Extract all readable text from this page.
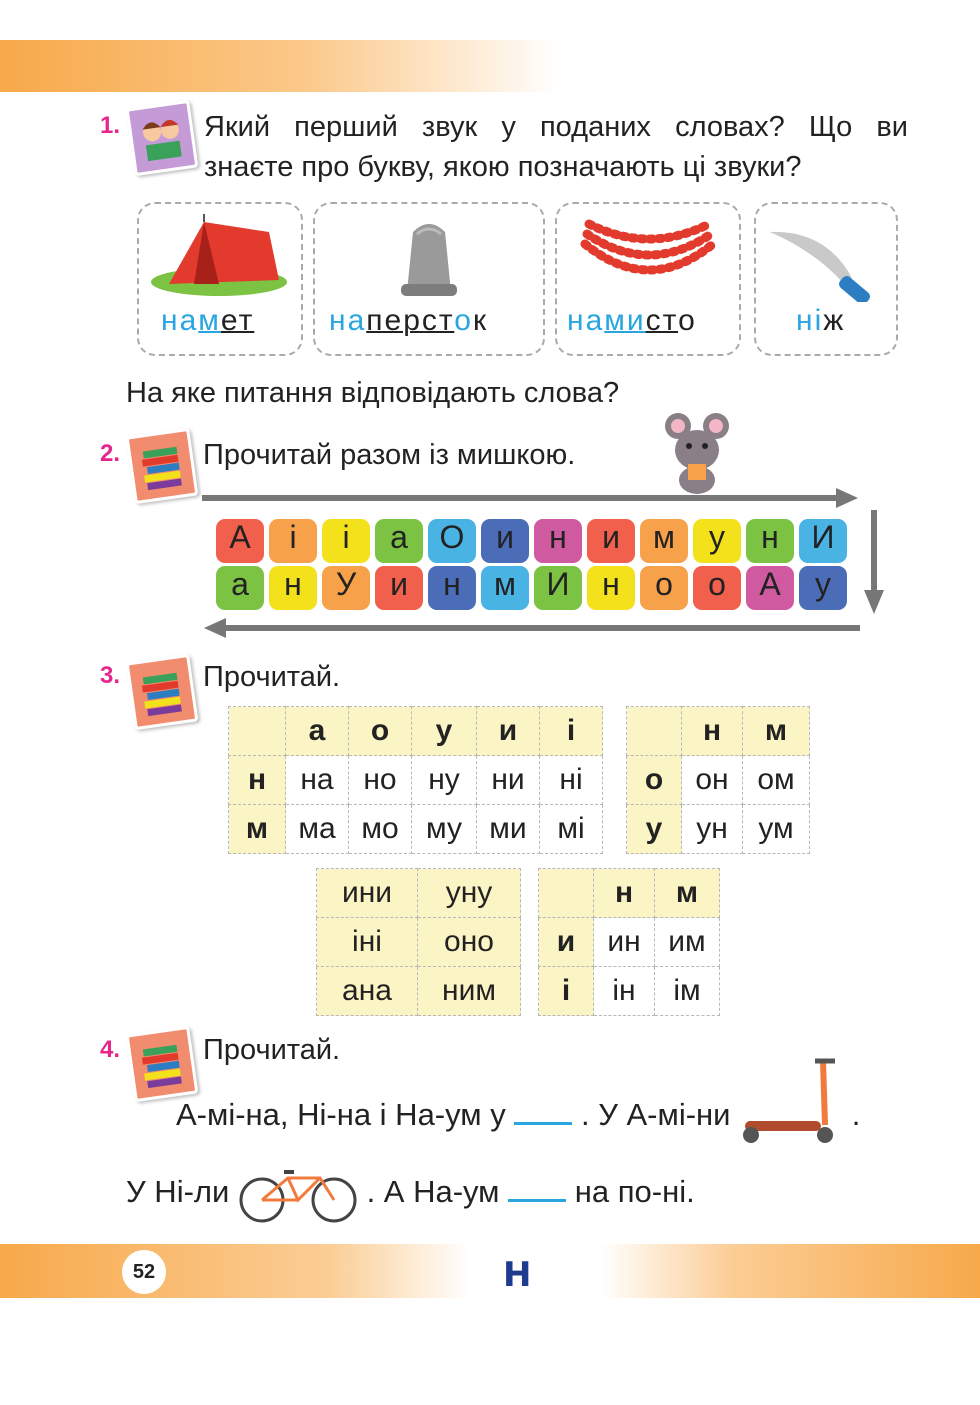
52	Н
1.	Який перший звук у поданих словах? Що ви
знаєте про букву, якою позначають ці звуки?
намет наперсток	намисто	ніж
На яке питання відповідають слова?
2.	Прочитай разом із мишкою.
А	і	і	а О и	н	и	м	у	н	И
а	н	У	и	н	м И	н	о	о	А	у
3.	Прочитай.
	а	о	у	и	і
н	на	но	ну	ни	ні
м	ма	мо	му	ми	мі
	н	м
о	он	ом
у	ун	ум
ини	уну
іні	оно
ана	ним
	н	м
и	ин	им
і	ін	ім
4.	Прочитай.
А-мі-на, Ні-на і На-ум у . У А-мі-ни	.
У Ні-ли	. А На-ум на по-ні.
